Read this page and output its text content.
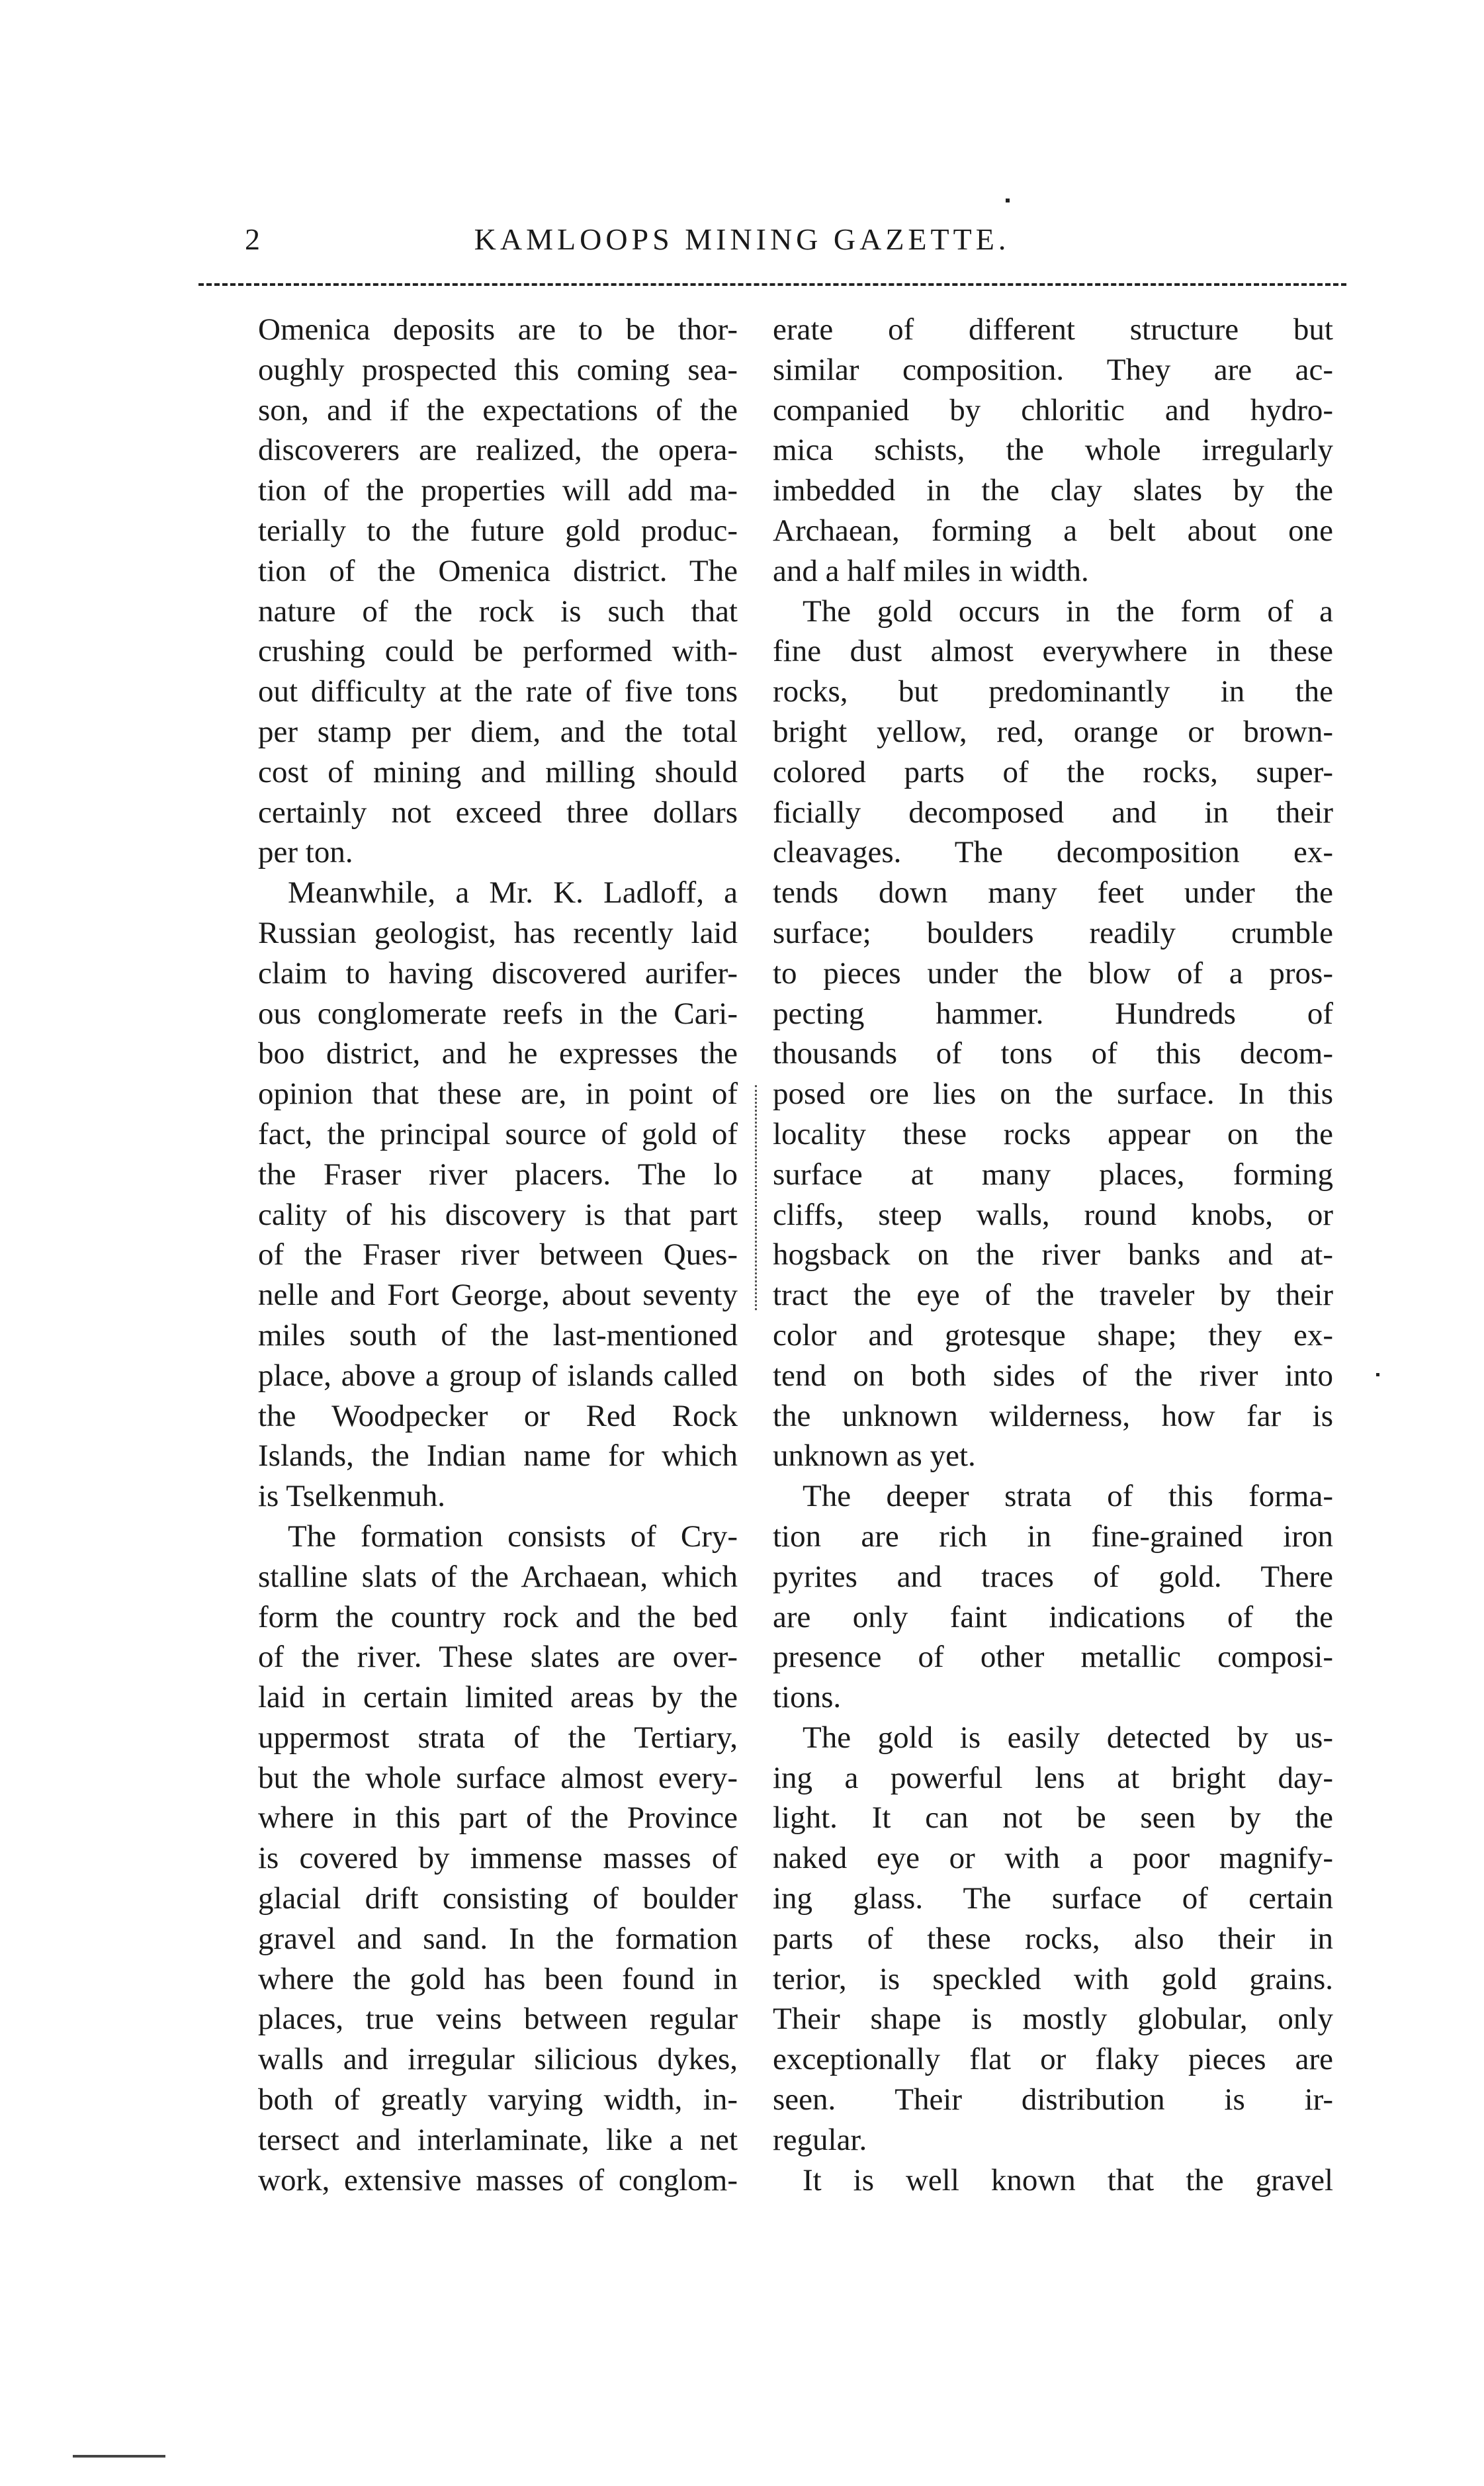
2	KAMLOOPS MINING GAZETTE.
Omenica deposits are to be thor-
oughly prospected this coming sea-
son, and if the expectations of the
discoverers are realized, the opera-
tion of the properties will add ma-
terially to the future gold produc-
tion of the Omenica district. The
nature of the rock is such that
crushing could be performed with-
out difficulty at the rate of five tons
per stamp per diem, and the total
cost of mining and milling should
certainly not exceed three dollars
per ton.
Meanwhile, a Mr. K. Ladloff, a
Russian geologist, has recently laid
claim to having discovered aurifer-
ous conglomerate reefs in the Cari-
boo district, and he expresses the
opinion that these are, in point of
fact, the principal source of gold of
the Fraser river placers. The lo
cality of his discovery is that part
of the Fraser river between Ques-
nelle and Fort George, about seventy
miles south of the last-mentioned
place, above a group of islands called
the Woodpecker or Red Rock
Islands, the Indian name for which
is Tselkenmuh.
The formation consists of Cry-
stalline slats of the Archaean, which
form the country rock and the bed
of the river. These slates are over-
laid in certain limited areas by the
uppermost strata of the Tertiary,
but the whole surface almost every-
where in this part of the Province
is covered by immense masses of
glacial drift consisting of boulder
gravel and sand. In the formation
where the gold has been found in
places, true veins between regular
walls and irregular silicious dykes,
both of greatly varying width, in-
tersect and interlaminate, like a net
work, extensive masses of conglom-
erate of different structure but
similar composition. They are ac-
companied by chloritic and hydro-
mica schists, the whole irregularly
imbedded in the clay slates by the
Archaean, forming a belt about one
and a half miles in width.
The gold occurs in the form of a
fine dust almost everywhere in these
rocks, but predominantly in the
bright yellow, red, orange or brown-
colored parts of the rocks, super-
ficially decomposed and in their
cleavages. The decomposition ex-
tends down many feet under the
surface; boulders readily crumble
to pieces under the blow of a pros-
pecting hammer. Hundreds of
thousands of tons of this decom-
posed ore lies on the surface. In this
locality these rocks appear on the
surface at many places, forming
cliffs, steep walls, round knobs, or
hogsback on the river banks and at-
tract the eye of the traveler by their
color and grotesque shape; they ex-
tend on both sides of the river into
the unknown wilderness, how far is
unknown as yet.
The deeper strata of this forma-
tion are rich in fine-grained iron
pyrites and traces of gold. There
are only faint indications of the
presence of other metallic composi-
tions.
The gold is easily detected by us-
ing a powerful lens at bright day-
light. It can not be seen by the
naked eye or with a poor magnify-
ing glass. The surface of certain
parts of these rocks, also their in
terior, is speckled with gold grains.
Their shape is mostly globular, only
exceptionally flat or flaky pieces are
seen. Their distribution is ir-
regular.
It is well known that the gravel
